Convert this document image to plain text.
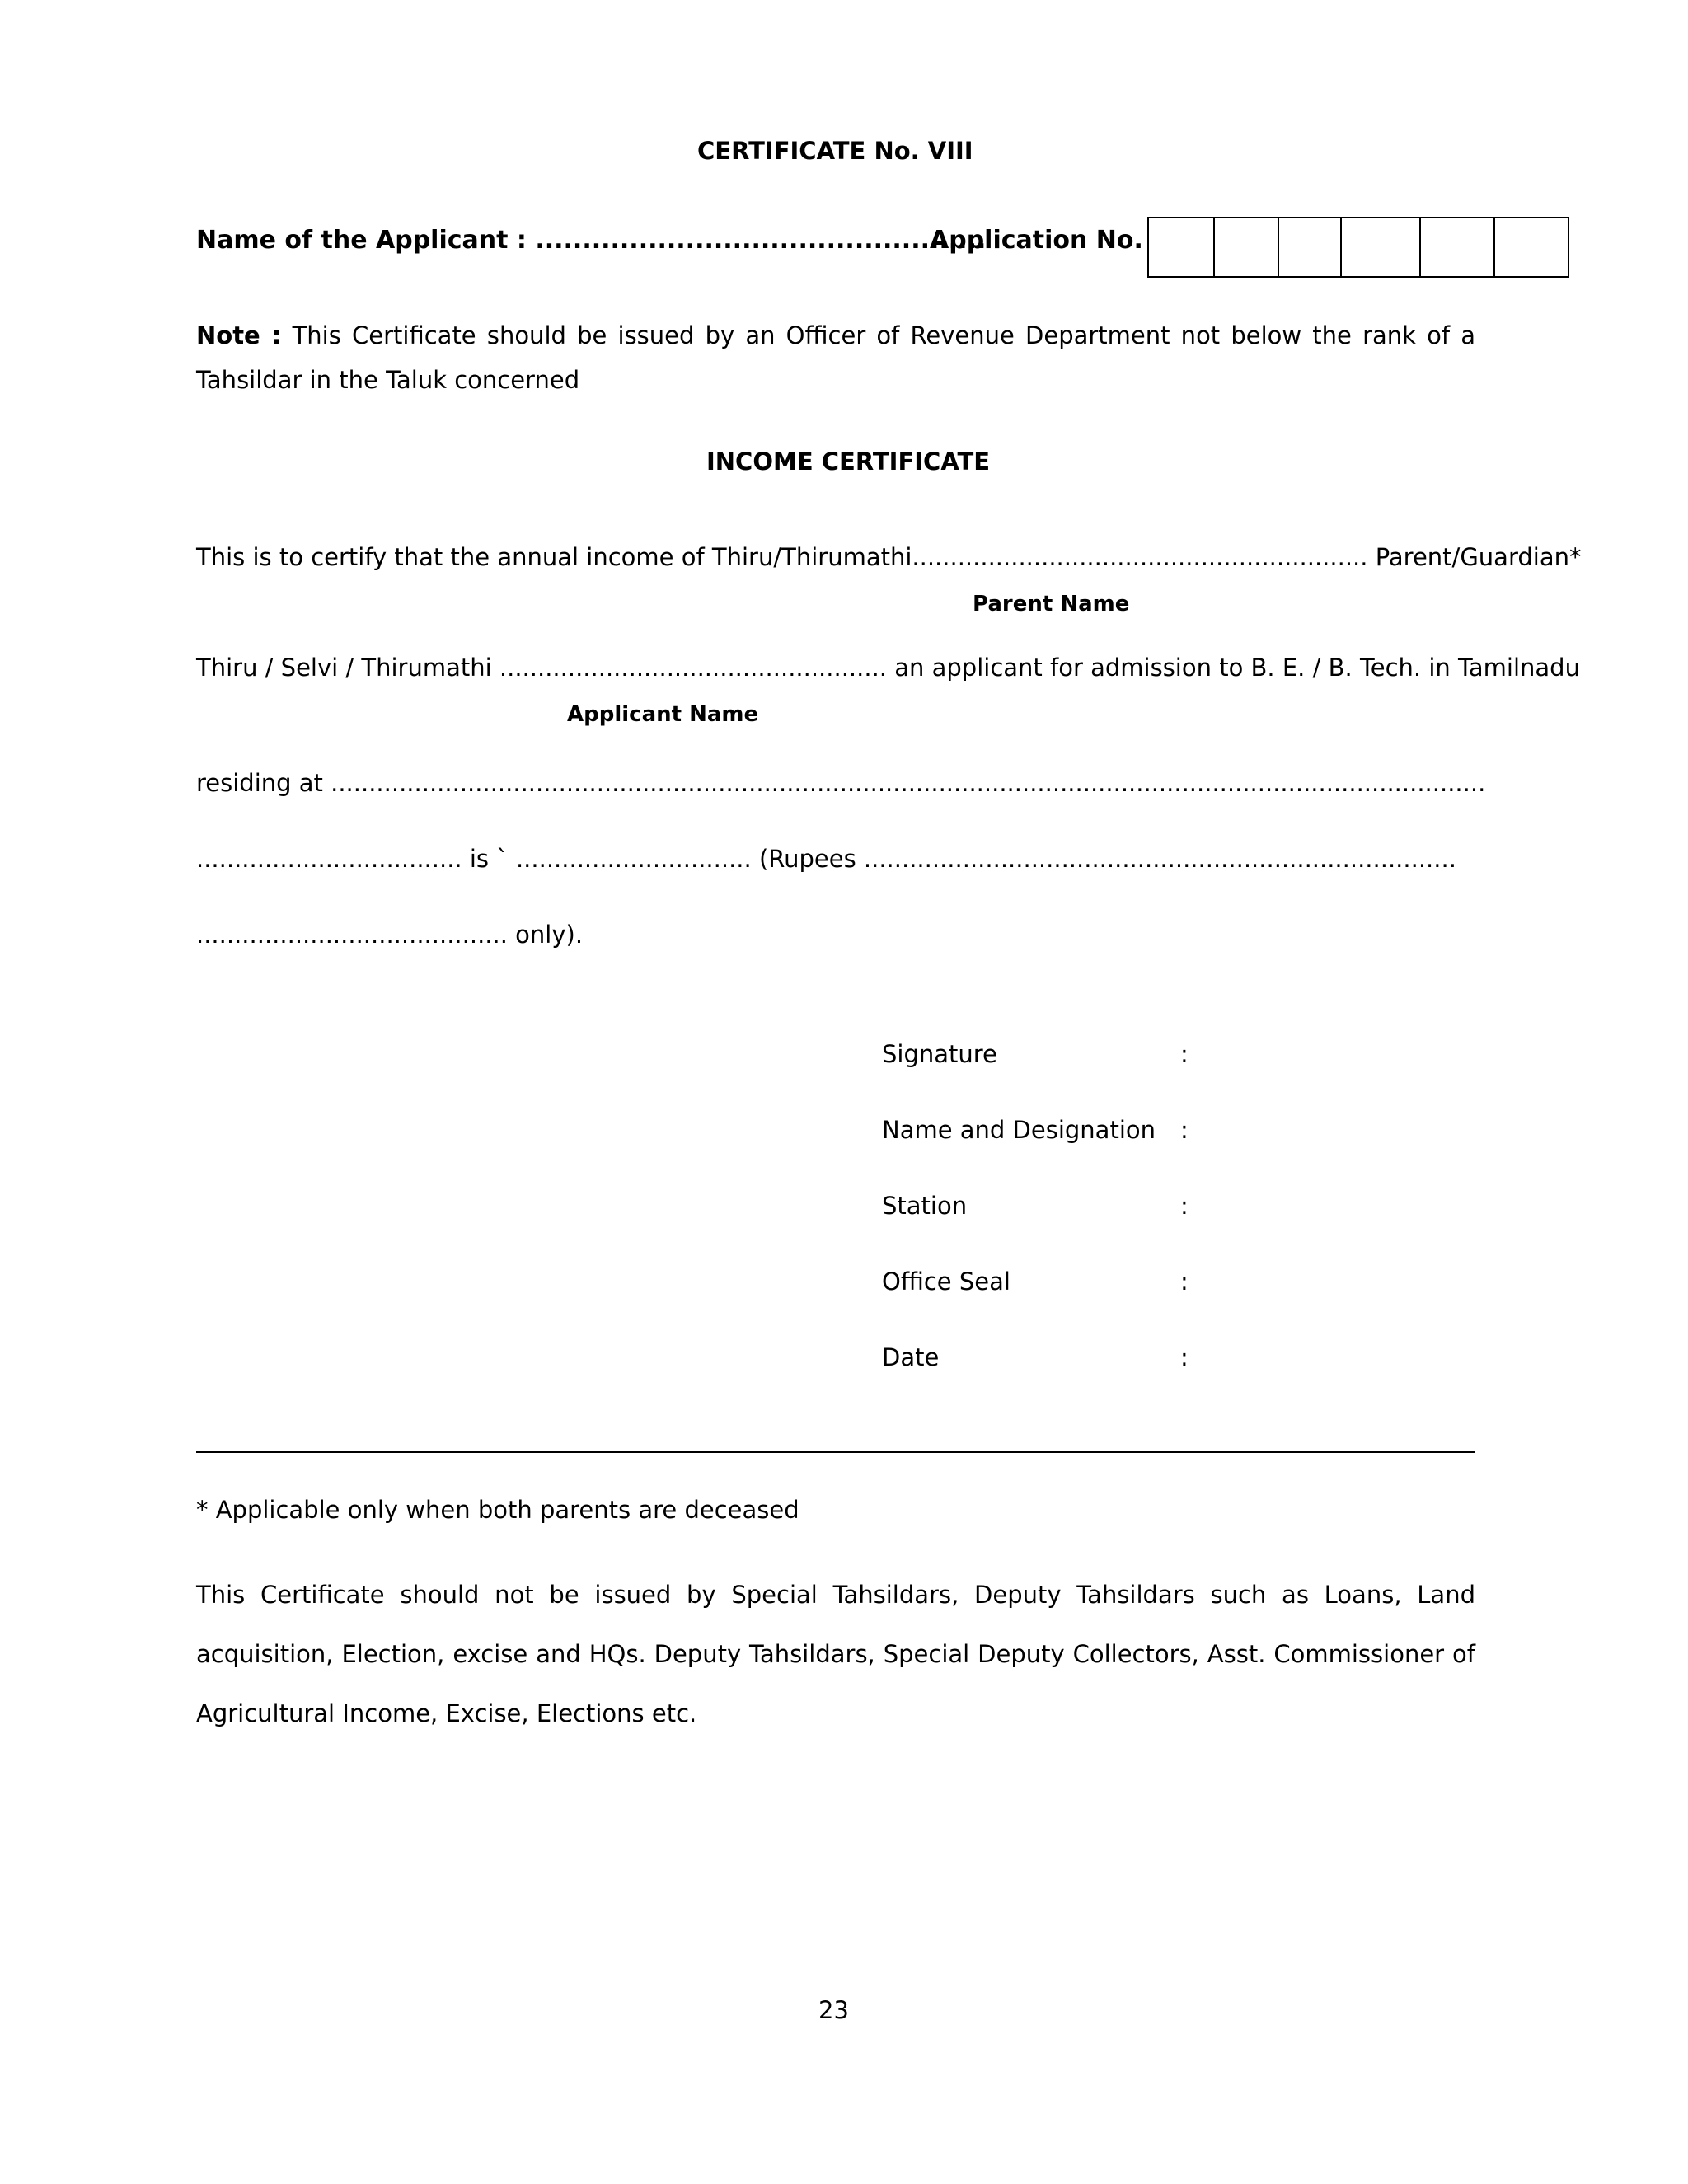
CERTIFICATE No. VIII
Name of the Applicant : ................................................
Application No.
Note : This Certificate should be issued by an Officer of Revenue Department not below the rank of a Tahsildar in the Taluk concerned
INCOME CERTIFICATE
This is to certify that the annual income of Thiru/Thirumathi............................................................ Parent/Guardian*
Parent Name
Thiru / Selvi / Thirumathi ................................................... an applicant for admission to B. E. / B. Tech. in Tamilnadu
Applicant Name
residing at ........................................................................................................................................................
................................... is ` ............................... (Rupees ..............................................................................
......................................... only).
Signature	:
Name and Designation :
Station	:
Office Seal	:
Date	:
* Applicable only when both parents are deceased
This Certificate should not be issued by Special Tahsildars, Deputy Tahsildars such as Loans, Land acquisition, Election, excise and HQs. Deputy Tahsildars, Special Deputy Collectors, Asst. Commissioner of Agricultural Income, Excise, Elections etc.
23
